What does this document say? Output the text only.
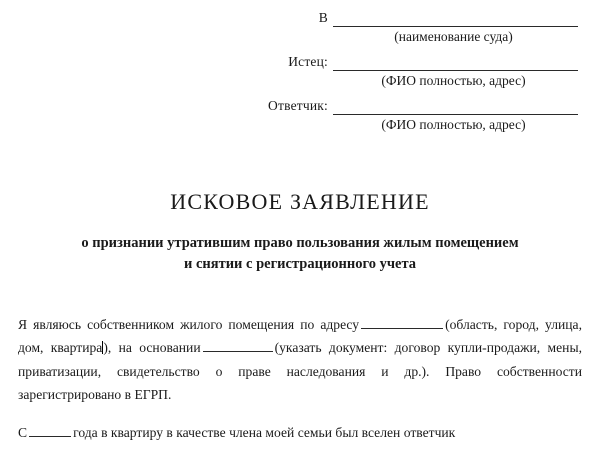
В
(наименование суда)
Истец:
(ФИО полностью, адрес)
Ответчик:
(ФИО полностью, адрес)
ИСКОВОЕ ЗАЯВЛЕНИЕ
о признании утратившим право пользования жилым помещением
и снятии с регистрационного учета

Я являюсь собственником жилого помещения по адресу	(область, город, улица, дом, квартира), на основании	(указать документ: договор купли-продажи, мены, приватизации, свидетельство о праве наследования и др.). Право собственности зарегистрировано в ЕГРП.

С	года в квартиру в качестве члена моей семьи был вселен ответчик
